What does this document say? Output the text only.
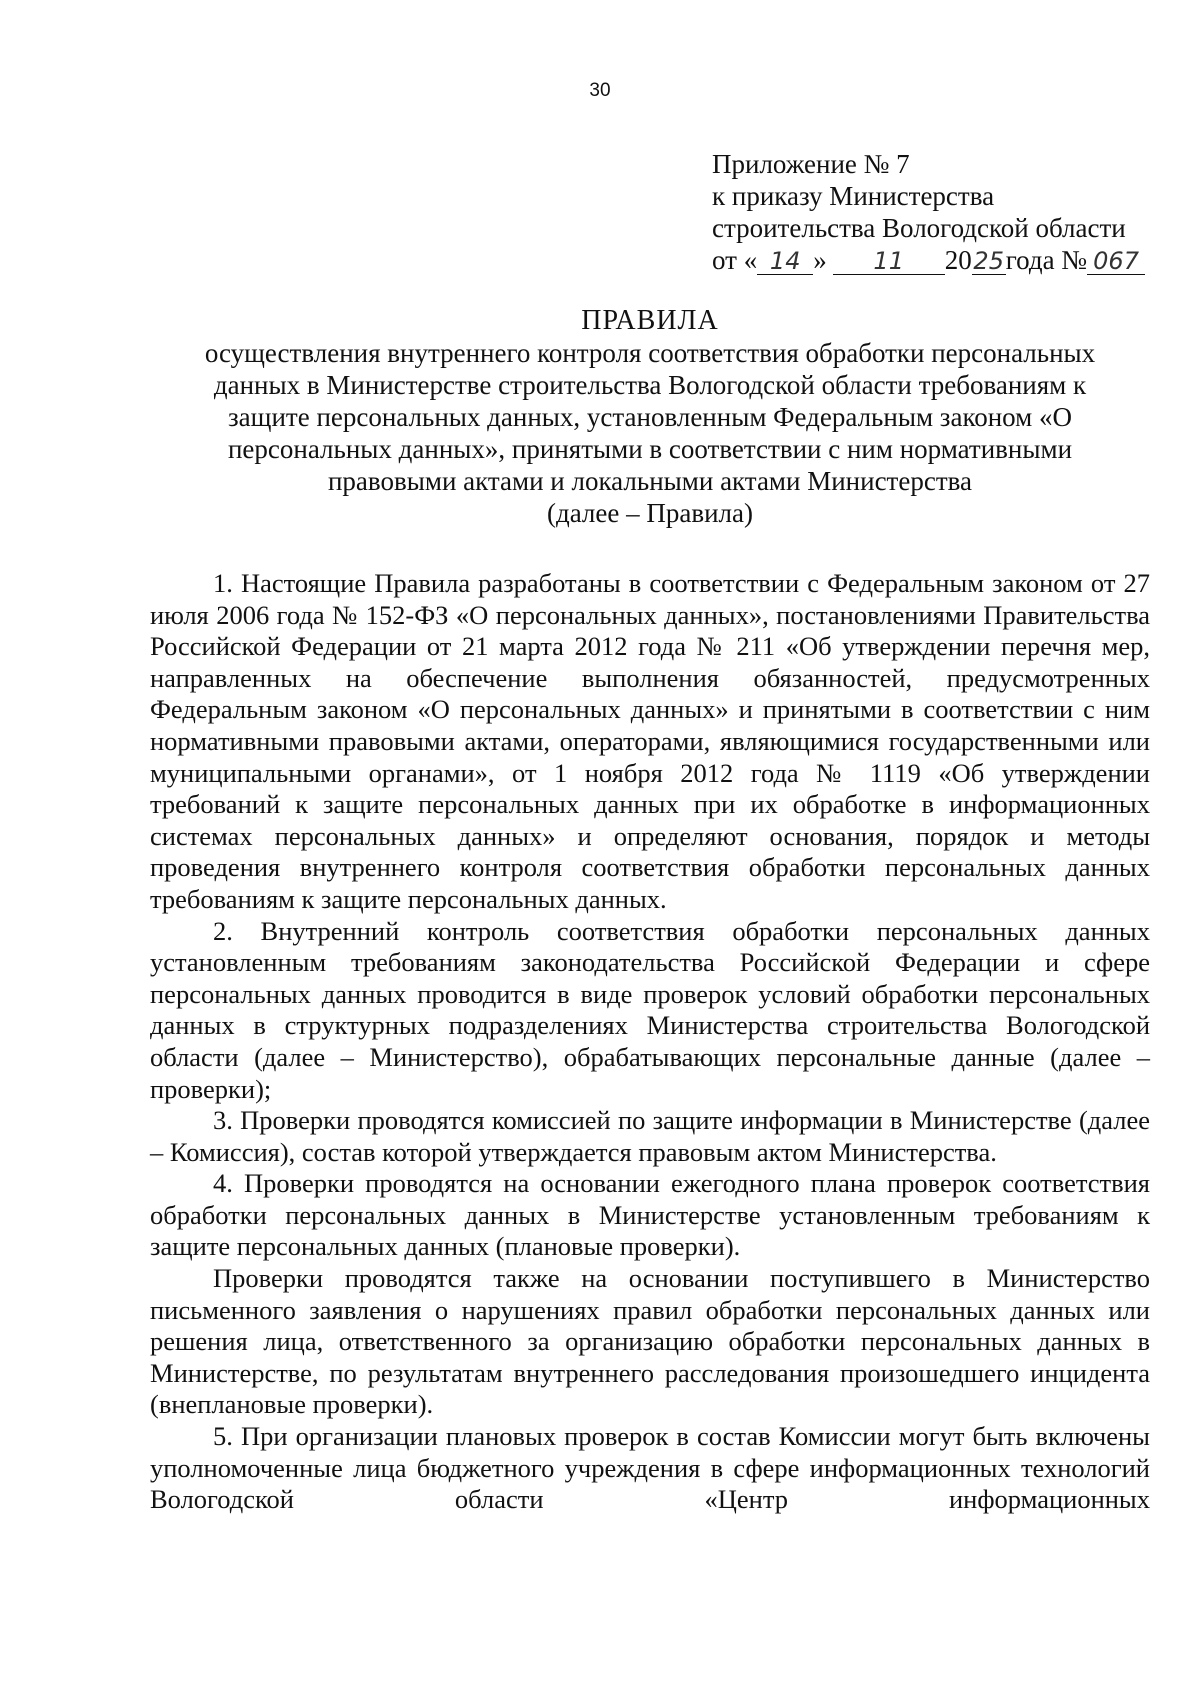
30
Приложение № 7
к приказу Министерства
строительства Вологодской области
от « 14 » 11 2025года № 067
ПРАВИЛА
осуществления внутреннего контроля соответствия обработки персональных
данных в Министерстве строительства Вологодской области требованиям к
защите персональных данных, установленным Федеральным законом «О
персональных данных», принятыми в соответствии с ним нормативными
правовыми актами и локальными актами Министерства
(далее – Правила)

1. Настоящие Правила разработаны в соответствии с Федеральным законом от 27 июля 2006 года № 152-ФЗ «О персональных данных», постановлениями Правительства Российской Федерации от 21 марта 2012 года № 211 «Об утверждении перечня мер, направленных на обеспечение выполнения обязанностей, предусмотренных Федеральным законом «О персональных данных» и принятыми в соответствии с ним нормативными правовыми актами, операторами, являющимися государственными или муниципальными органами», от 1 ноября 2012 года № 1119 «Об утверждении требований к защите персональных данных при их обработке в информационных системах персональных данных» и определяют основания, порядок и методы проведения внутреннего контроля соответствия обработки персональных данных требованиям к защите персональных данных.

2. Внутренний контроль соответствия обработки персональных данных установленным требованиям законодательства Российской Федерации и сфере персональных данных проводится в виде проверок условий обработки персональных данных в структурных подразделениях Министерства строительства Вологодской области (далее – Министерство), обрабатывающих персональные данные (далее – проверки);

3. Проверки проводятся комиссией по защите информации в Министерстве (далее – Комиссия), состав которой утверждается правовым актом Министерства.

4. Проверки проводятся на основании ежегодного плана проверок соответствия обработки персональных данных в Министерстве установленным требованиям к защите персональных данных (плановые проверки).

Проверки проводятся также на основании поступившего в Министерство письменного заявления о нарушениях правил обработки персональных данных или решения лица, ответственного за организацию обработки персональных данных в Министерстве, по результатам внутреннего расследования произошедшего инцидента (внеплановые проверки).

5. При организации плановых проверок в состав Комиссии могут быть включены уполномоченные лица бюджетного учреждения в сфере информационных технологий Вологодской области «Центр информационных
